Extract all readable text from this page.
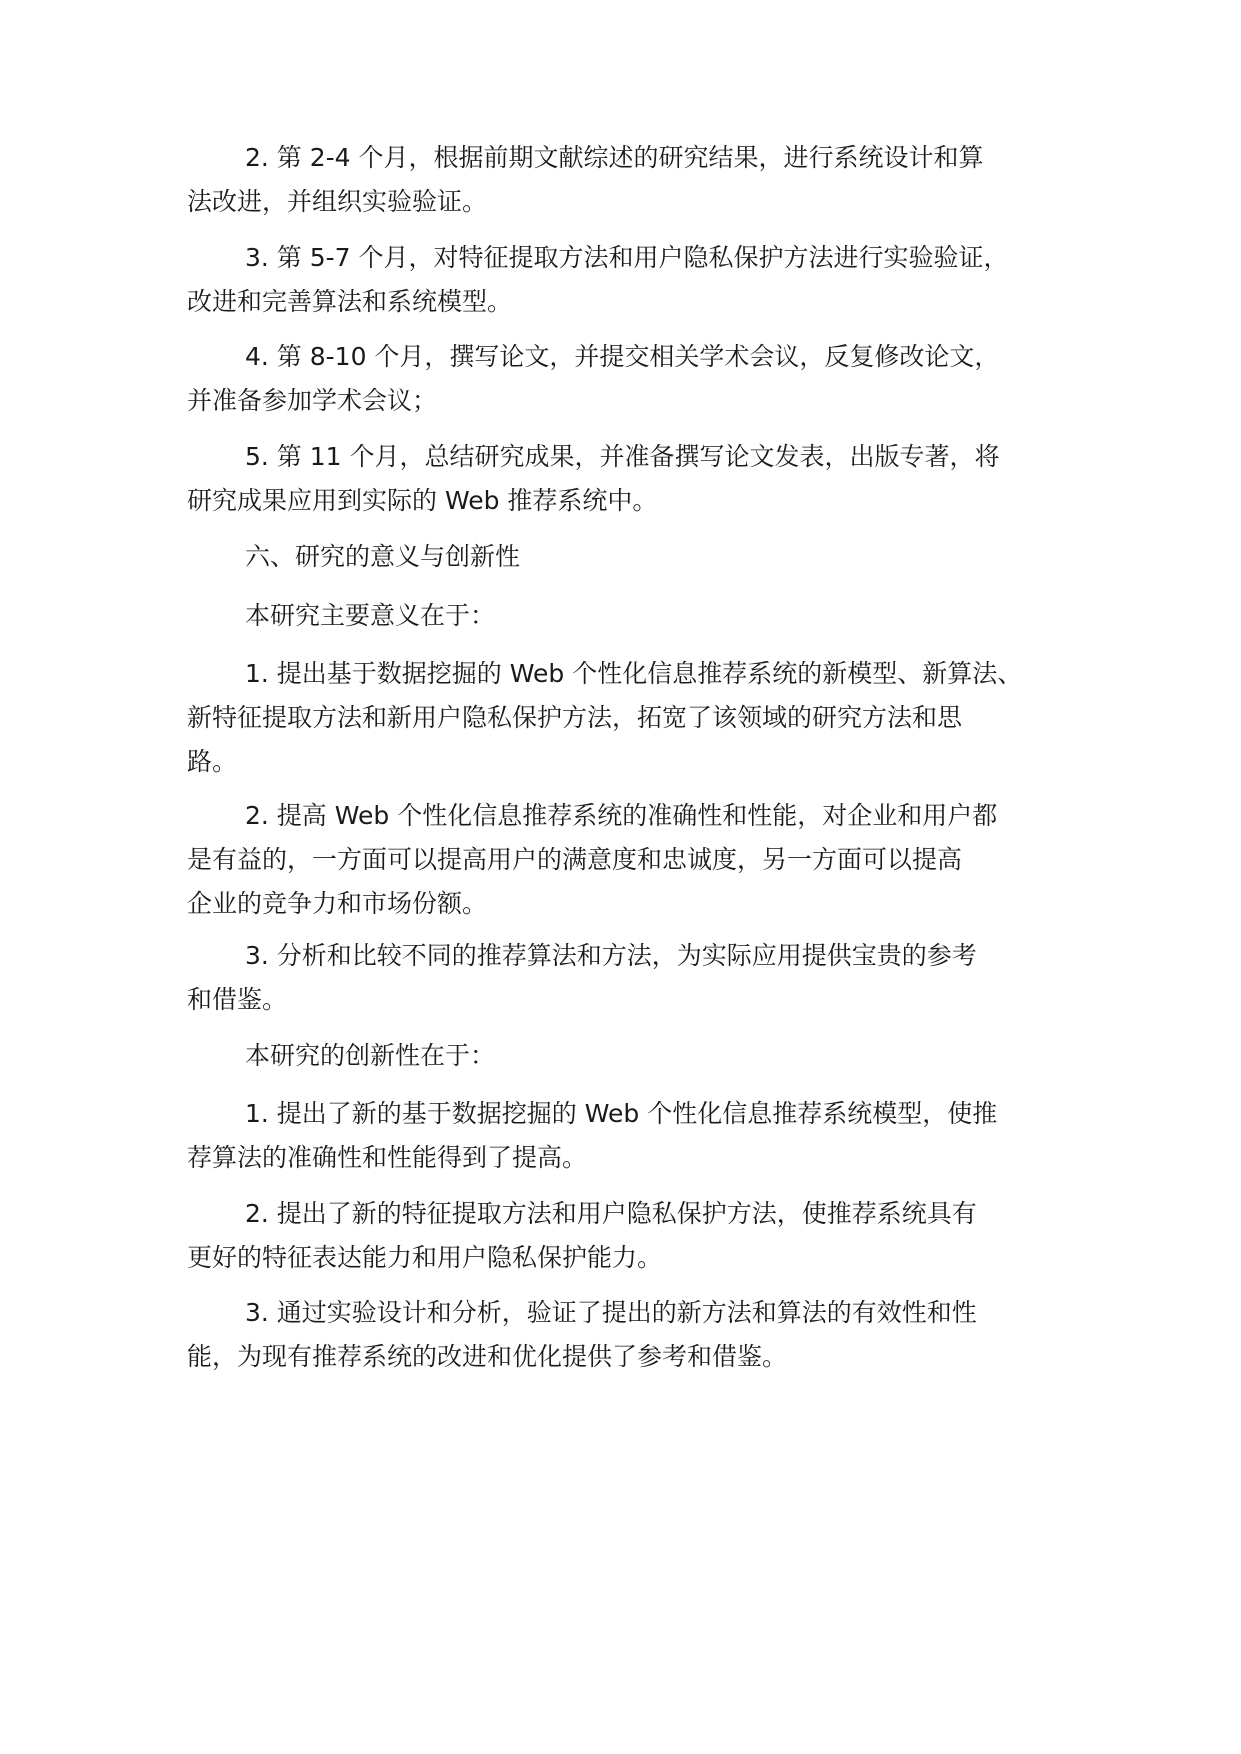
2. 第 2-4 个月，根据前期文献综述的研究结果，进行系统设计和算
法改进，并组织实验验证。

3. 第 5-7 个月，对特征提取方法和用户隐私保护方法进行实验验证，
改进和完善算法和系统模型。

4. 第 8-10 个月，撰写论文，并提交相关学术会议，反复修改论文，
并准备参加学术会议；

5. 第 11 个月，总结研究成果，并准备撰写论文发表，出版专著，将
研究成果应用到实际的 Web 推荐系统中。

六、研究的意义与创新性

本研究主要意义在于：

1. 提出基于数据挖掘的 Web 个性化信息推荐系统的新模型、新算法、
新特征提取方法和新用户隐私保护方法，拓宽了该领域的研究方法和思
路。

2. 提高 Web 个性化信息推荐系统的准确性和性能，对企业和用户都
是有益的，一方面可以提高用户的满意度和忠诚度，另一方面可以提高
企业的竞争力和市场份额。

3. 分析和比较不同的推荐算法和方法，为实际应用提供宝贵的参考
和借鉴。

本研究的创新性在于：

1. 提出了新的基于数据挖掘的 Web 个性化信息推荐系统模型，使推
荐算法的准确性和性能得到了提高。

2. 提出了新的特征提取方法和用户隐私保护方法，使推荐系统具有
更好的特征表达能力和用户隐私保护能力。

3. 通过实验设计和分析，验证了提出的新方法和算法的有效性和性
能，为现有推荐系统的改进和优化提供了参考和借鉴。
